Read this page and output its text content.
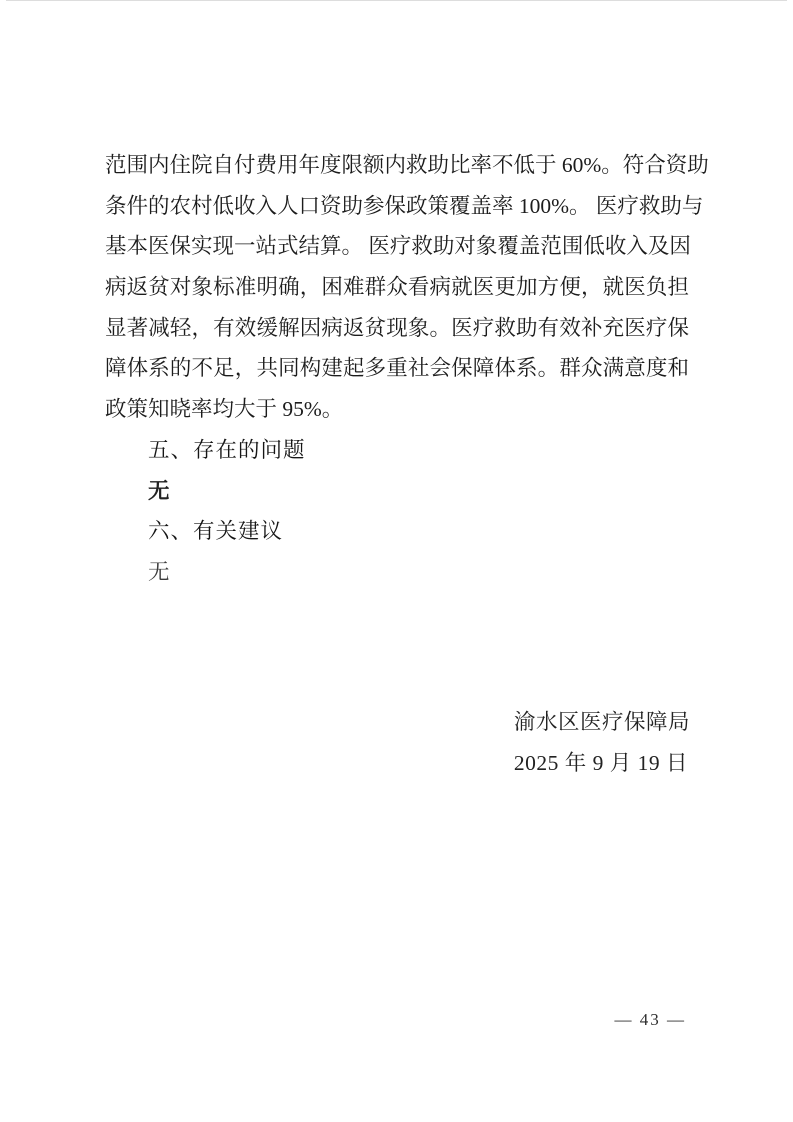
范围内住院自付费用年度限额内救助比率不低于 60%。符合资助

条件的农村低收入人口资助参保政策覆盖率 100%。 医疗救助与

基本医保实现一站式结算。 医疗救助对象覆盖范围低收入及因

病返贫对象标准明确，困难群众看病就医更加方便，就医负担

显著减轻，有效缓解因病返贫现象。医疗救助有效补充医疗保

障体系的不足，共同构建起多重社会保障体系。群众满意度和

政策知晓率均大于 95%。

五、存在的问题

无

六、有关建议

无

渝水区医疗保障局

2025 年 9 月 19 日

— 43 —
